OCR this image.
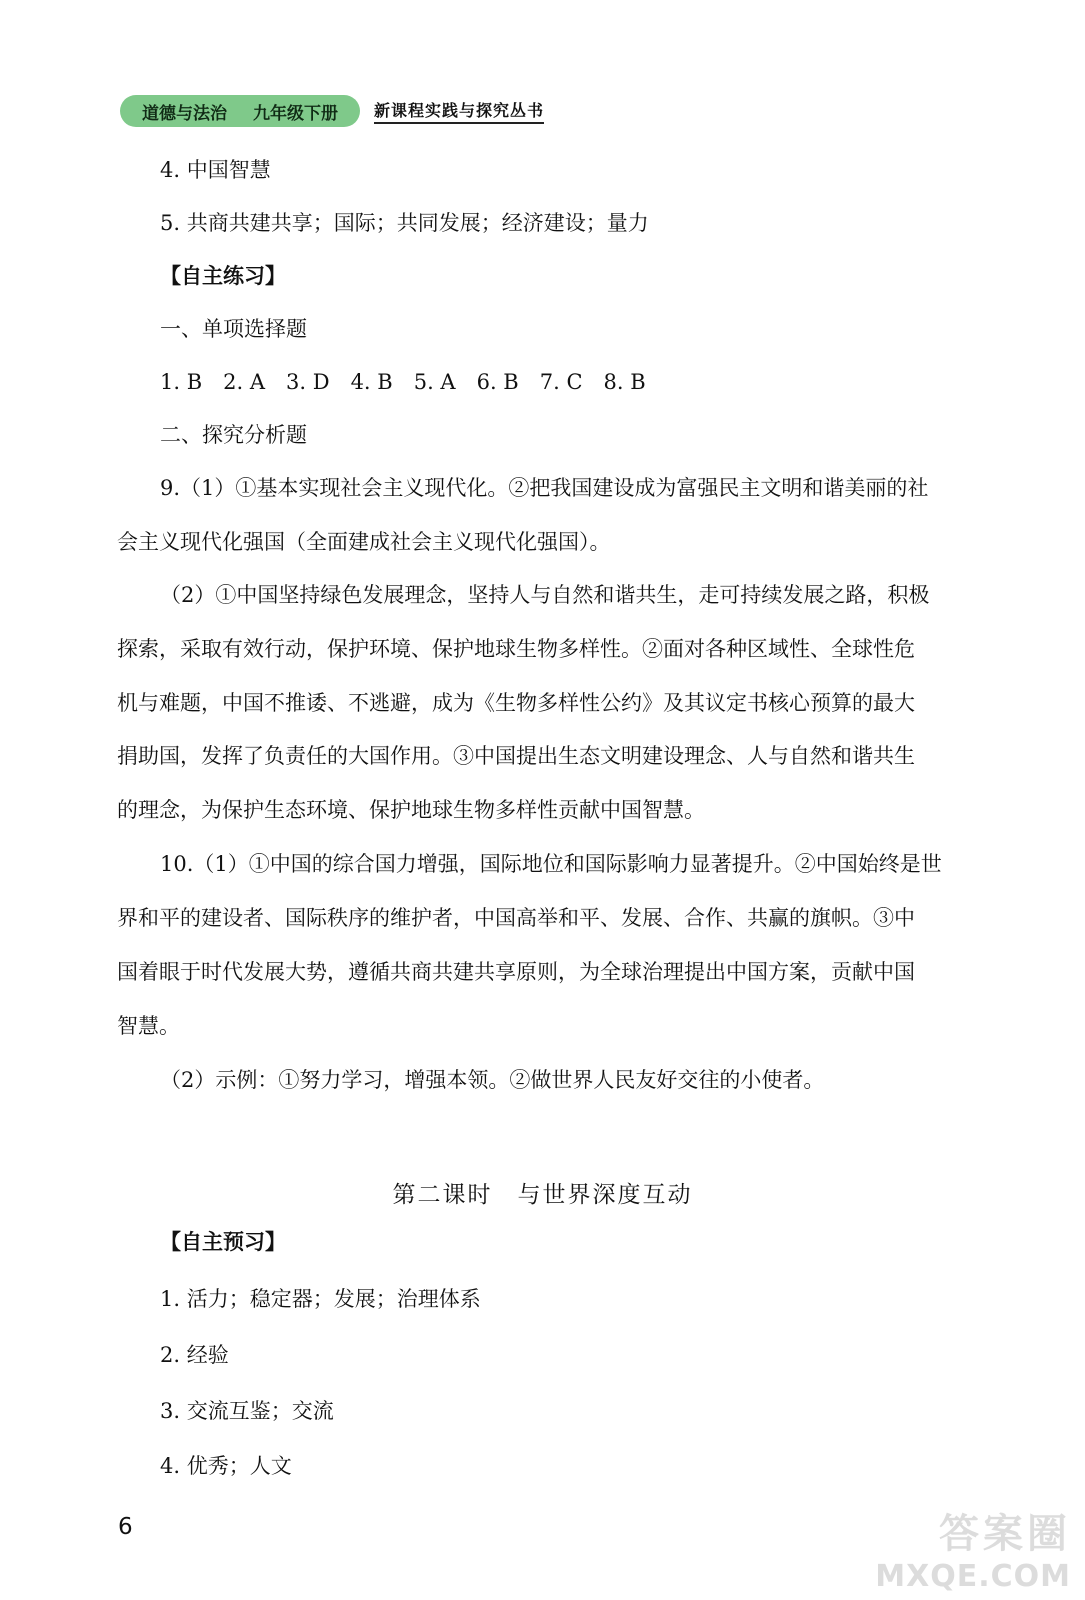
道德与法治 九年级下册 新课程实践与探究丛书
4. 中国智慧
5. 共商共建共享；国际；共同发展；经济建设；量力
【自主练习】
一、单项选择题
1. B　2. A　3. D　4. B　5. A　6. B　7. C　8. B
二、探究分析题
9.（1）①基本实现社会主义现代化。②把我国建设成为富强民主文明和谐美丽的社
会主义现代化强国（全面建成社会主义现代化强国）。
（2）①中国坚持绿色发展理念，坚持人与自然和谐共生，走可持续发展之路，积极
探索，采取有效行动，保护环境、保护地球生物多样性。②面对各种区域性、全球性危
机与难题，中国不推诿、不逃避，成为《生物多样性公约》及其议定书核心预算的最大
捐助国，发挥了负责任的大国作用。③中国提出生态文明建设理念、人与自然和谐共生
的理念，为保护生态环境、保护地球生物多样性贡献中国智慧。
10.（1）①中国的综合国力增强，国际地位和国际影响力显著提升。②中国始终是世
界和平的建设者、国际秩序的维护者，中国高举和平、发展、合作、共赢的旗帜。③中
国着眼于时代发展大势，遵循共商共建共享原则，为全球治理提出中国方案，贡献中国
智慧。
（2）示例：①努力学习，增强本领。②做世界人民友好交往的小使者。
第二课时　与世界深度互动
【自主预习】
1. 活力；稳定器；发展；治理体系
2. 经验
3. 交流互鉴；交流
4. 优秀；人文
6	答案圈
MXQE.COM
